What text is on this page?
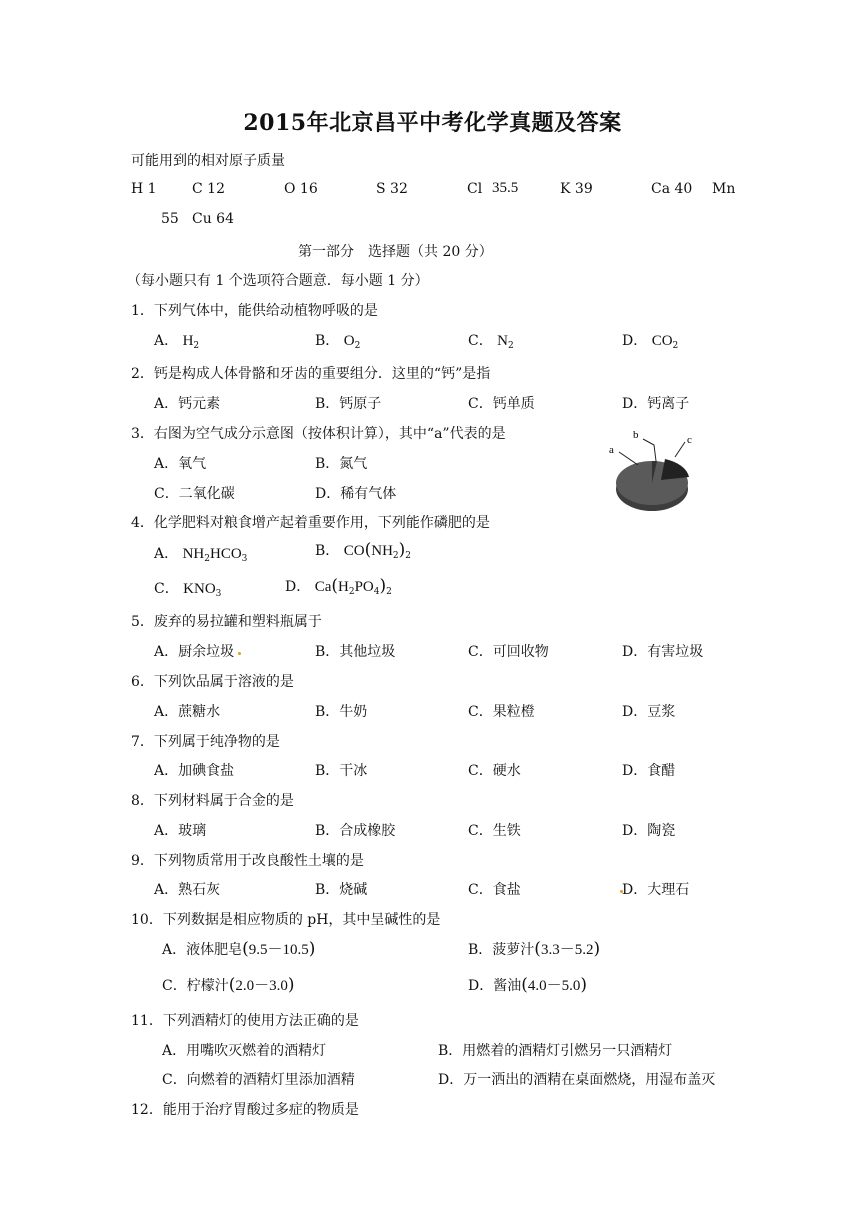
2015年北京昌平中考化学真题及答案
可能用到的相对原子质量
H 1	C 12	O 16	S 32	Cl 35.5	K 39	Ca 40 Mn
55 Cu 64
第一部分　选择题（共 20 分）
（每小题只有 1 个选项符合题意．每小题 1 分）
1．下列气体中，能供给动植物呼吸的是
A． $H_2$	B． $O_2$	C． $N_2$	D． $CO_2$
2．钙是构成人体骨骼和牙齿的重要组分．这里的“钙”是指
A．钙元素	B．钙原子	C．钙单质	D．钙离子
3．右图为空气成分示意图（按体积计算），其中“a”代表的是
A．氧气	B．氮气
C．二氧化碳	D．稀有气体
a
b	c
4．化学肥料对粮食增产起着重要作用，下列能作磷肥的是
A． $NH_2HCO_3$	B． $CO(NH_2)_2$
C． $KNO_3$	D． $Ca(H_2PO_4)_2$
5．废弃的易拉罐和塑料瓶属于
A．厨余垃圾	B．其他垃圾	C．可回收物	D．有害垃圾
6．下列饮品属于溶液的是
A．蔗糖水	B．牛奶	C．果粒橙	D．豆浆
7．下列属于纯净物的是
A．加碘食盐	B．干冰	C．硬水	D．食醋
8．下列材料属于合金的是
A．玻璃	B．合成橡胶	C．生铁	D．陶瓷
9．下列物质常用于改良酸性土壤的是
A．熟石灰	B．烧碱	C．食盐	D．大理石
10．下列数据是相应物质的 pH，其中呈碱性的是
A．液体肥皂(9.5－10.5)	B．菠萝汁(3.3－5.2)
C．柠檬汁(2.0－3.0)	D．酱油(4.0－5.0)
11．下列酒精灯的使用方法正确的是
A．用嘴吹灭燃着的酒精灯	B．用燃着的酒精灯引燃另一只酒精灯
C．向燃着的酒精灯里添加酒精	D．万一洒出的酒精在桌面燃烧，用湿布盖灭
12．能用于治疗胃酸过多症的物质是
